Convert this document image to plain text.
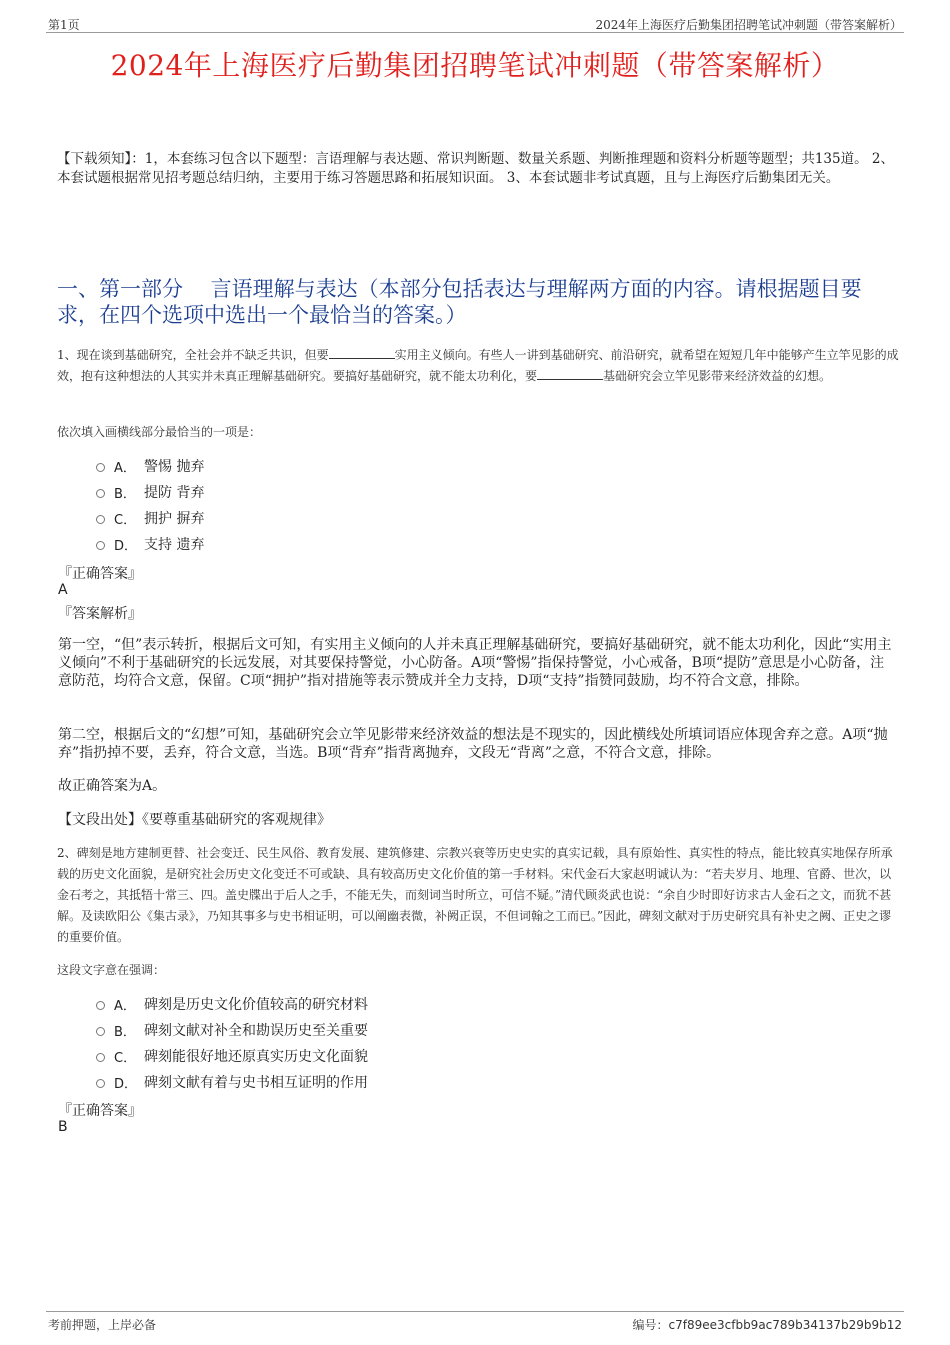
第1页	2024年上海医疗后勤集团招聘笔试冲刺题（带答案解析）
2024年上海医疗后勤集团招聘笔试冲刺题（带答案解析）
【下载须知】：1，本套练习包含以下题型：言语理解与表达题、常识判断题、数量关系题、判断推理题和资料分析题等题型；共135道。 2、本套试题根据常见招考题总结归纳，主要用于练习答题思路和拓展知识面。 3、本套试题非考试真题，且与上海医疗后勤集团无关。
一、第一部分　 言语理解与表达（本部分包括表达与理解两方面的内容。请根据题目要求，在四个选项中选出一个最恰当的答案。）
1、现在谈到基础研究，全社会并不缺乏共识，但要	实用主义倾向。有些人一讲到基础研究、前沿研究，就希望在短短几年中能够产生立竿见影的成效，抱有这种想法的人其实并未真正理解基础研究。要搞好基础研究，就不能太功利化，要	基础研究会立竿见影带来经济效益的幻想。
依次填入画横线部分最恰当的一项是：
A． 警惕 抛弃
B． 提防 背弃
C． 拥护 摒弃
D． 支持 遗弃
『正确答案』
A
『答案解析』
第一空，“但”表示转折，根据后文可知，有实用主义倾向的人并未真正理解基础研究，要搞好基础研究，就不能太功利化，因此“实用主义倾向”不利于基础研究的长远发展，对其要保持警觉，小心防备。A项“警惕”指保持警觉，小心戒备，B项“提防”意思是小心防备，注意防范，均符合文意，保留。C项“拥护”指对措施等表示赞成并全力支持，D项“支持”指赞同鼓励，均不符合文意，排除。
第二空，根据后文的“幻想”可知，基础研究会立竿见影带来经济效益的想法是不现实的，因此横线处所填词语应体现舍弃之意。A项“抛弃”指扔掉不要，丢弃，符合文意，当选。B项“背弃”指背离抛弃，文段无“背离”之意，不符合文意，排除。
故正确答案为A。
【文段出处】《要尊重基础研究的客观规律》
2、碑刻是地方建制更替、社会变迁、民生风俗、教育发展、建筑修建、宗教兴衰等历史史实的真实记载，具有原始性、真实性的特点，能比较真实地保存所承载的历史文化面貌，是研究社会历史文化变迁不可或缺、具有较高历史文化价值的第一手材料。宋代金石大家赵明诚认为：“若夫岁月、地理、官爵、世次，以金石考之，其抵牾十常三、四。盖史牒出于后人之手，不能无失，而刻词当时所立，可信不疑。”清代顾炎武也说：“余自少时即好访求古人金石之文，而犹不甚解。及读欧阳公《集古录》，乃知其事多与史书相证明，可以阐幽表微，补阙正误，不但词翰之工而已。”因此，碑刻文献对于历史研究具有补史之阙、正史之谬的重要价值。
这段文字意在强调：
A． 碑刻是历史文化价值较高的研究材料
B． 碑刻文献对补全和勘误历史至关重要
C． 碑刻能很好地还原真实历史文化面貌
D． 碑刻文献有着与史书相互证明的作用
『正确答案』
B
考前押题，上岸必备	编号：c7f89ee3cfbb9ac789b34137b29b9b12
